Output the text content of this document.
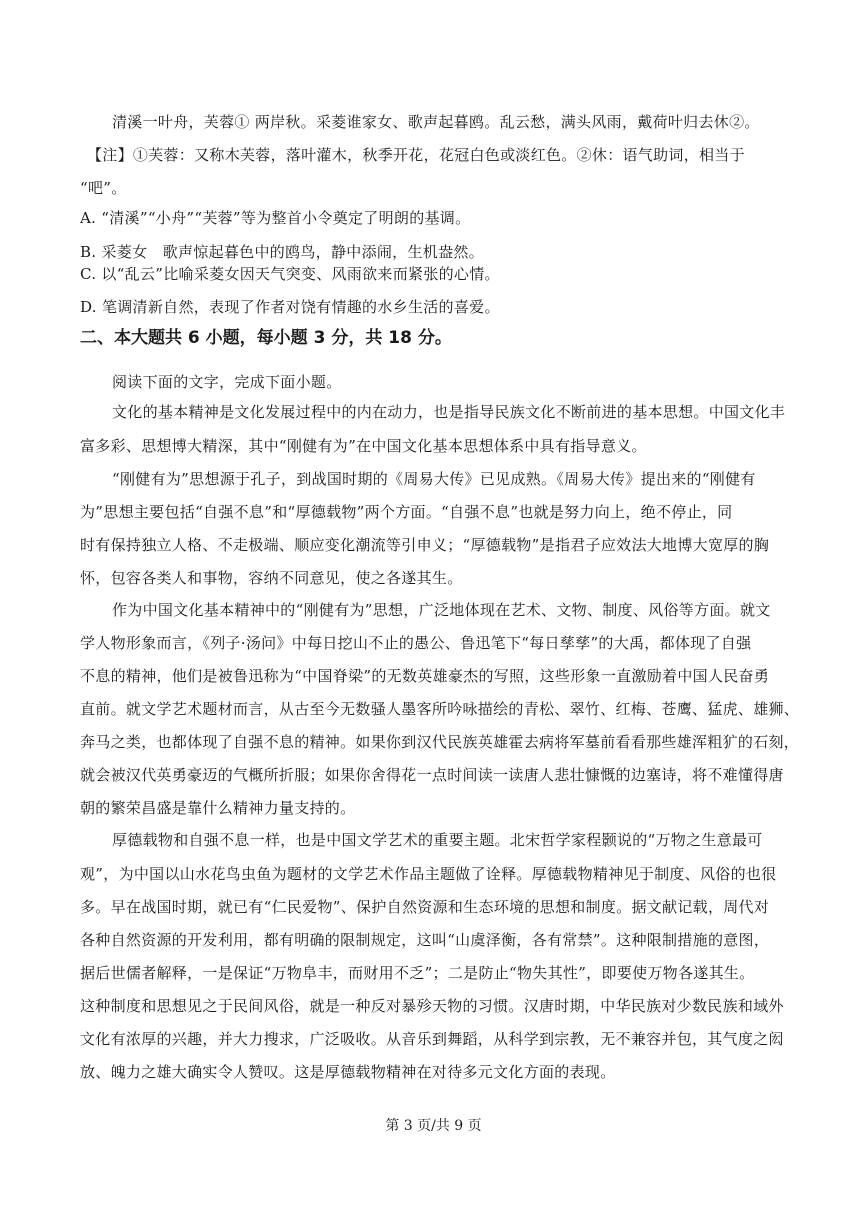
清溪一叶舟，芙蓉① 两岸秋。采菱谁家女、歌声起暮鸥。乱云愁，满头风雨，戴荷叶归去休②。
【注】①芙蓉：又称木芙蓉，落叶灌木，秋季开花，花冠白色或淡红色。②休：语气助词，相当于
“吧”。
A. “清溪”“小舟”“芙蓉”等为整首小令奠定了明朗的基调。
B. 采菱女　歌声惊起暮色中的鸥鸟，静中添闹，生机盎然。
C. 以“乱云”比喻采菱女因天气突变、风雨欲来而紧张的心情。
D. 笔调清新自然，表现了作者对饶有情趣的水乡生活的喜爱。
二、本大题共 6 小题，每小题 3 分，共 18 分。
阅读下面的文字，完成下面小题。
文化的基本精神是文化发展过程中的内在动力，也是指导民族文化不断前进的基本思想。中国文化丰
富多彩、思想博大精深，其中“刚健有为”在中国文化基本思想体系中具有指导意义。
“刚健有为”思想源于孔子，到战国时期的《周易大传》已见成熟。《周易大传》提出来的“刚健有
为”思想主要包括“自强不息”和“厚德载物”两个方面。“自强不息”也就是努力向上，绝不停止，同
时有保持独立人格、不走极端、顺应变化潮流等引申义；“厚德载物”是指君子应效法大地博大宽厚的胸
怀，包容各类人和事物，容纳不同意见，使之各遂其生。
作为中国文化基本精神中的“刚健有为”思想，广泛地体现在艺术、文物、制度、风俗等方面。就文
学人物形象而言，《列子·汤问》中每日挖山不止的愚公、鲁迅笔下“每日孳孳”的大禹，都体现了自强
不息的精神，他们是被鲁迅称为“中国脊梁”的无数英雄豪杰的写照，这些形象一直激励着中国人民奋勇
直前。就文学艺术题材而言，从古至今无数骚人墨客所吟咏描绘的青松、翠竹、红梅、苍鹰、猛虎、雄狮、
奔马之类，也都体现了自强不息的精神。如果你到汉代民族英雄霍去病将军墓前看看那些雄浑粗犷的石刻，
就会被汉代英勇豪迈的气概所折服；如果你舍得花一点时间读一读唐人悲壮慷慨的边塞诗，将不难懂得唐
朝的繁荣昌盛是靠什么精神力量支持的。
厚德载物和自强不息一样，也是中国文学艺术的重要主题。北宋哲学家程颢说的“万物之生意最可
观”，为中国以山水花鸟虫鱼为题材的文学艺术作品主题做了诠释。厚德载物精神见于制度、风俗的也很
多。早在战国时期，就已有“仁民爱物”、保护自然资源和生态环境的思想和制度。据文献记载，周代对
各种自然资源的开发利用，都有明确的限制规定，这叫“山虞泽衡，各有常禁”。这种限制措施的意图，
据后世儒者解释，一是保证“万物阜丰，而财用不乏”；二是防止“物失其性”，即要使万物各遂其生。
这种制度和思想见之于民间风俗，就是一种反对暴殄天物的习惯。汉唐时期，中华民族对少数民族和域外
文化有浓厚的兴趣，并大力搜求，广泛吸收。从音乐到舞蹈，从科学到宗教，无不兼容并包，其气度之闳
放、魄力之雄大确实令人赞叹。这是厚德载物精神在对待多元文化方面的表现。
第 3 页/共 9 页
